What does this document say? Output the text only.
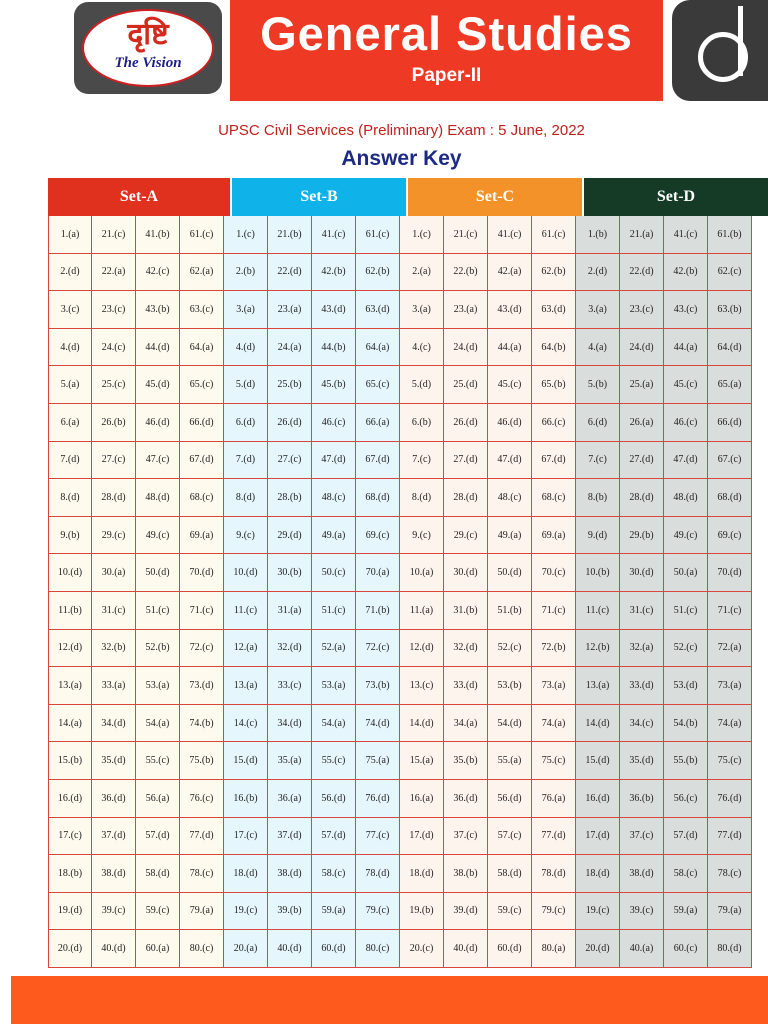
दृष्टि
The Vision
General Studies
Paper-II
UPSC Civil Services (Preliminary) Exam : 5 June, 2022
Answer Key
Set-A	Set-B	Set-C	Set-D
1.(a)	21.(c)	41.(b)	61.(c)	1.(c)	21.(b)	41.(c)	61.(c)	1.(c)	21.(c)	41.(c)	61.(c)	1.(b)	21.(a)	41.(c)	61.(b)
2.(d)	22.(a)	42.(c)	62.(a)	2.(b)	22.(d)	42.(b)	62.(b)	2.(a)	22.(b)	42.(a)	62.(b)	2.(d)	22.(d)	42.(b)	62.(c)
3.(c)	23.(c)	43.(b)	63.(c)	3.(a)	23.(a)	43.(d)	63.(d)	3.(a)	23.(a)	43.(d)	63.(d)	3.(a)	23.(c)	43.(c)	63.(b)
4.(d)	24.(c)	44.(d)	64.(a)	4.(d)	24.(a)	44.(b)	64.(a)	4.(c)	24.(d)	44.(a)	64.(b)	4.(a)	24.(d)	44.(a)	64.(d)
5.(a)	25.(c)	45.(d)	65.(c)	5.(d)	25.(b)	45.(b)	65.(c)	5.(d)	25.(d)	45.(c)	65.(b)	5.(b)	25.(a)	45.(c)	65.(a)
6.(a)	26.(b)	46.(d)	66.(d)	6.(d)	26.(d)	46.(c)	66.(a)	6.(b)	26.(d)	46.(d)	66.(c)	6.(d)	26.(a)	46.(c)	66.(d)
7.(d)	27.(c)	47.(c)	67.(d)	7.(d)	27.(c)	47.(d)	67.(d)	7.(c)	27.(d)	47.(d)	67.(d)	7.(c)	27.(d)	47.(d)	67.(c)
8.(d)	28.(d)	48.(d)	68.(c)	8.(d)	28.(b)	48.(c)	68.(d)	8.(d)	28.(d)	48.(c)	68.(c)	8.(b)	28.(d)	48.(d)	68.(d)
9.(b)	29.(c)	49.(c)	69.(a)	9.(c)	29.(d)	49.(a)	69.(c)	9.(c)	29.(c)	49.(a)	69.(a)	9.(d)	29.(b)	49.(c)	69.(c)
10.(d)	30.(a)	50.(d)	70.(d)	10.(d)	30.(b)	50.(c)	70.(a)	10.(a)	30.(d)	50.(d)	70.(c)	10.(b)	30.(d)	50.(a)	70.(d)
11.(b)	31.(c)	51.(c)	71.(c)	11.(c)	31.(a)	51.(c)	71.(b)	11.(a)	31.(b)	51.(b)	71.(c)	11.(c)	31.(c)	51.(c)	71.(c)
12.(d)	32.(b)	52.(b)	72.(c)	12.(a)	32.(d)	52.(a)	72.(c)	12.(d)	32.(d)	52.(c)	72.(b)	12.(b)	32.(a)	52.(c)	72.(a)
13.(a)	33.(a)	53.(a)	73.(d)	13.(a)	33.(c)	53.(a)	73.(b)	13.(c)	33.(d)	53.(b)	73.(a)	13.(a)	33.(d)	53.(d)	73.(a)
14.(a)	34.(d)	54.(a)	74.(b)	14.(c)	34.(d)	54.(a)	74.(d)	14.(d)	34.(a)	54.(d)	74.(a)	14.(d)	34.(c)	54.(b)	74.(a)
15.(b)	35.(d)	55.(c)	75.(b)	15.(d)	35.(a)	55.(c)	75.(a)	15.(a)	35.(b)	55.(a)	75.(c)	15.(d)	35.(d)	55.(b)	75.(c)
16.(d)	36.(d)	56.(a)	76.(c)	16.(b)	36.(a)	56.(d)	76.(d)	16.(a)	36.(d)	56.(d)	76.(a)	16.(d)	36.(b)	56.(c)	76.(d)
17.(c)	37.(d)	57.(d)	77.(d)	17.(c)	37.(d)	57.(d)	77.(c)	17.(d)	37.(c)	57.(c)	77.(d)	17.(d)	37.(c)	57.(d)	77.(d)
18.(b)	38.(d)	58.(d)	78.(c)	18.(d)	38.(d)	58.(c)	78.(d)	18.(d)	38.(b)	58.(d)	78.(d)	18.(d)	38.(d)	58.(c)	78.(c)
19.(d)	39.(c)	59.(c)	79.(a)	19.(c)	39.(b)	59.(a)	79.(c)	19.(b)	39.(d)	59.(c)	79.(c)	19.(c)	39.(c)	59.(a)	79.(a)
20.(d)	40.(d)	60.(a)	80.(c)	20.(a)	40.(d)	60.(d)	80.(c)	20.(c)	40.(d)	60.(d)	80.(a)	20.(d)	40.(a)	60.(c)	80.(d)
